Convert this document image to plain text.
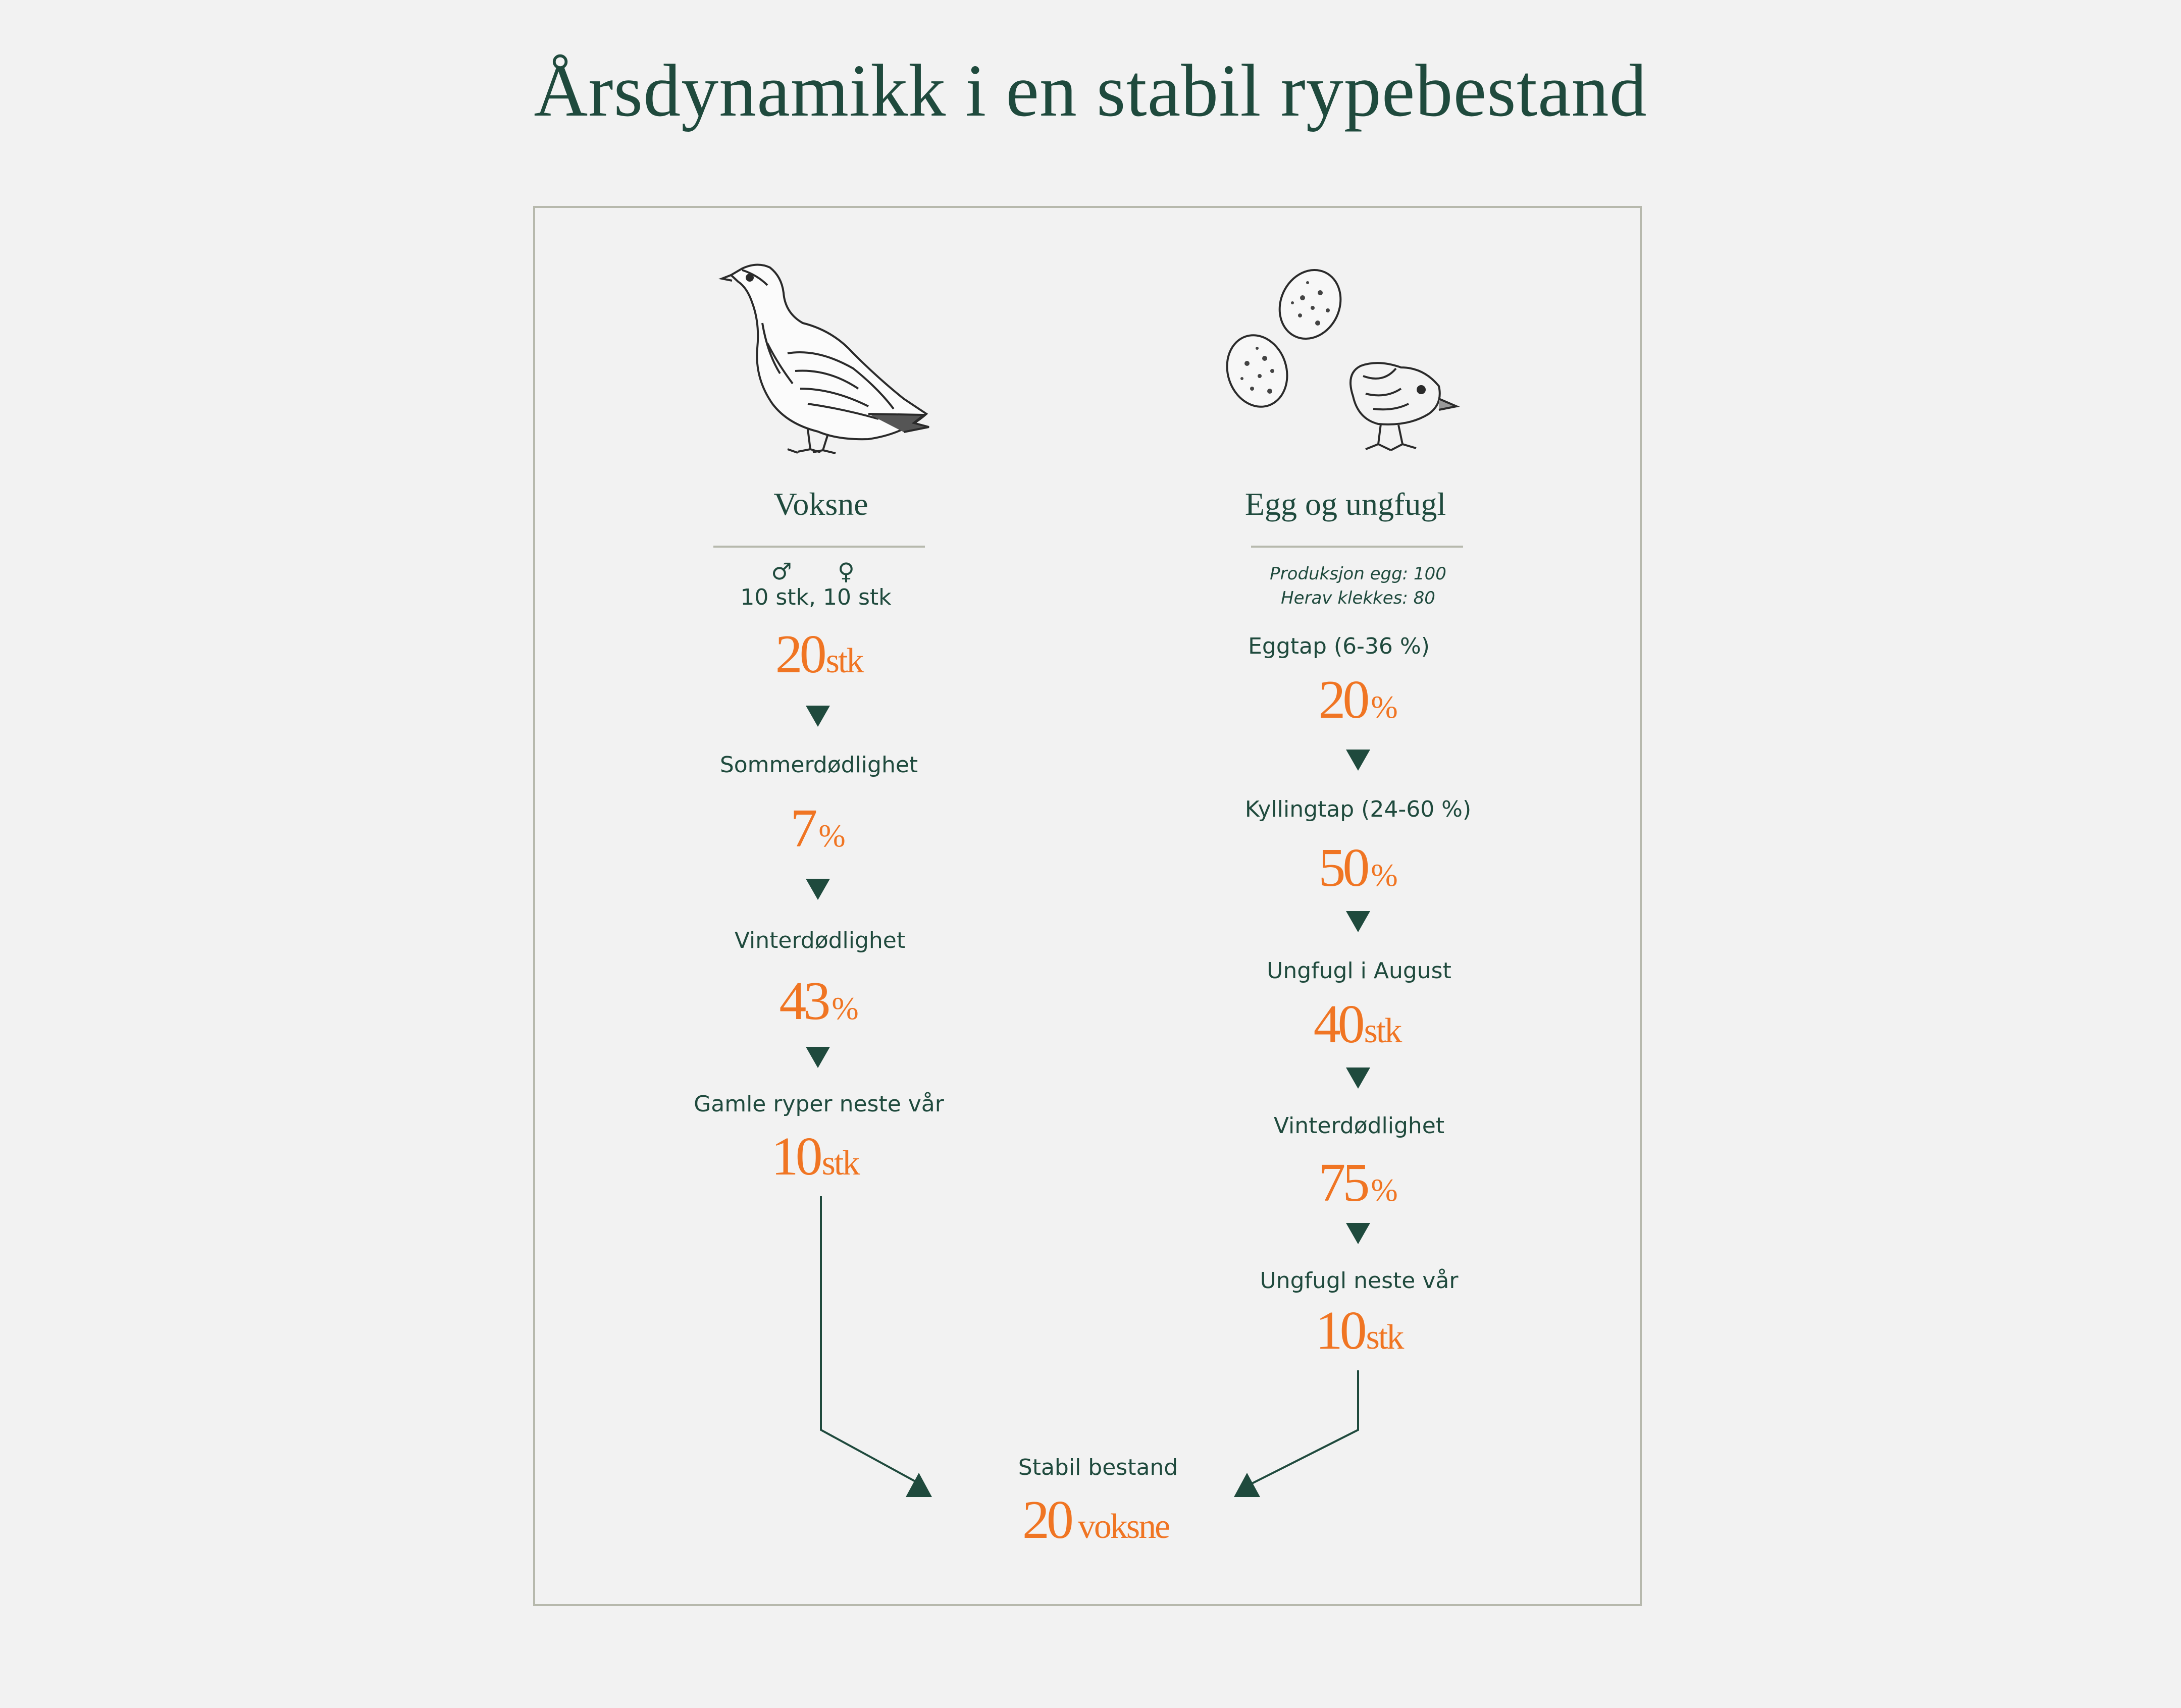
Årsdynamikk i en stabil rypebestand
Voksne
♂ ♀
10 stk, 10 stk
20stk
Sommerdødlighet
7 %
Vinterdødlighet
43 %
Gamle ryper neste vår
10stk
Egg og ungfugl
Produksjon egg: 100
Herav klekkes: 80
Eggtap (6-36 %)
20 %
Kyllingtap (24-60 %)
50 %
Ungfugl i August
40stk
Vinterdødlighet
75 %
Ungfugl neste vår
10stk
Stabil bestand
20 voksne
